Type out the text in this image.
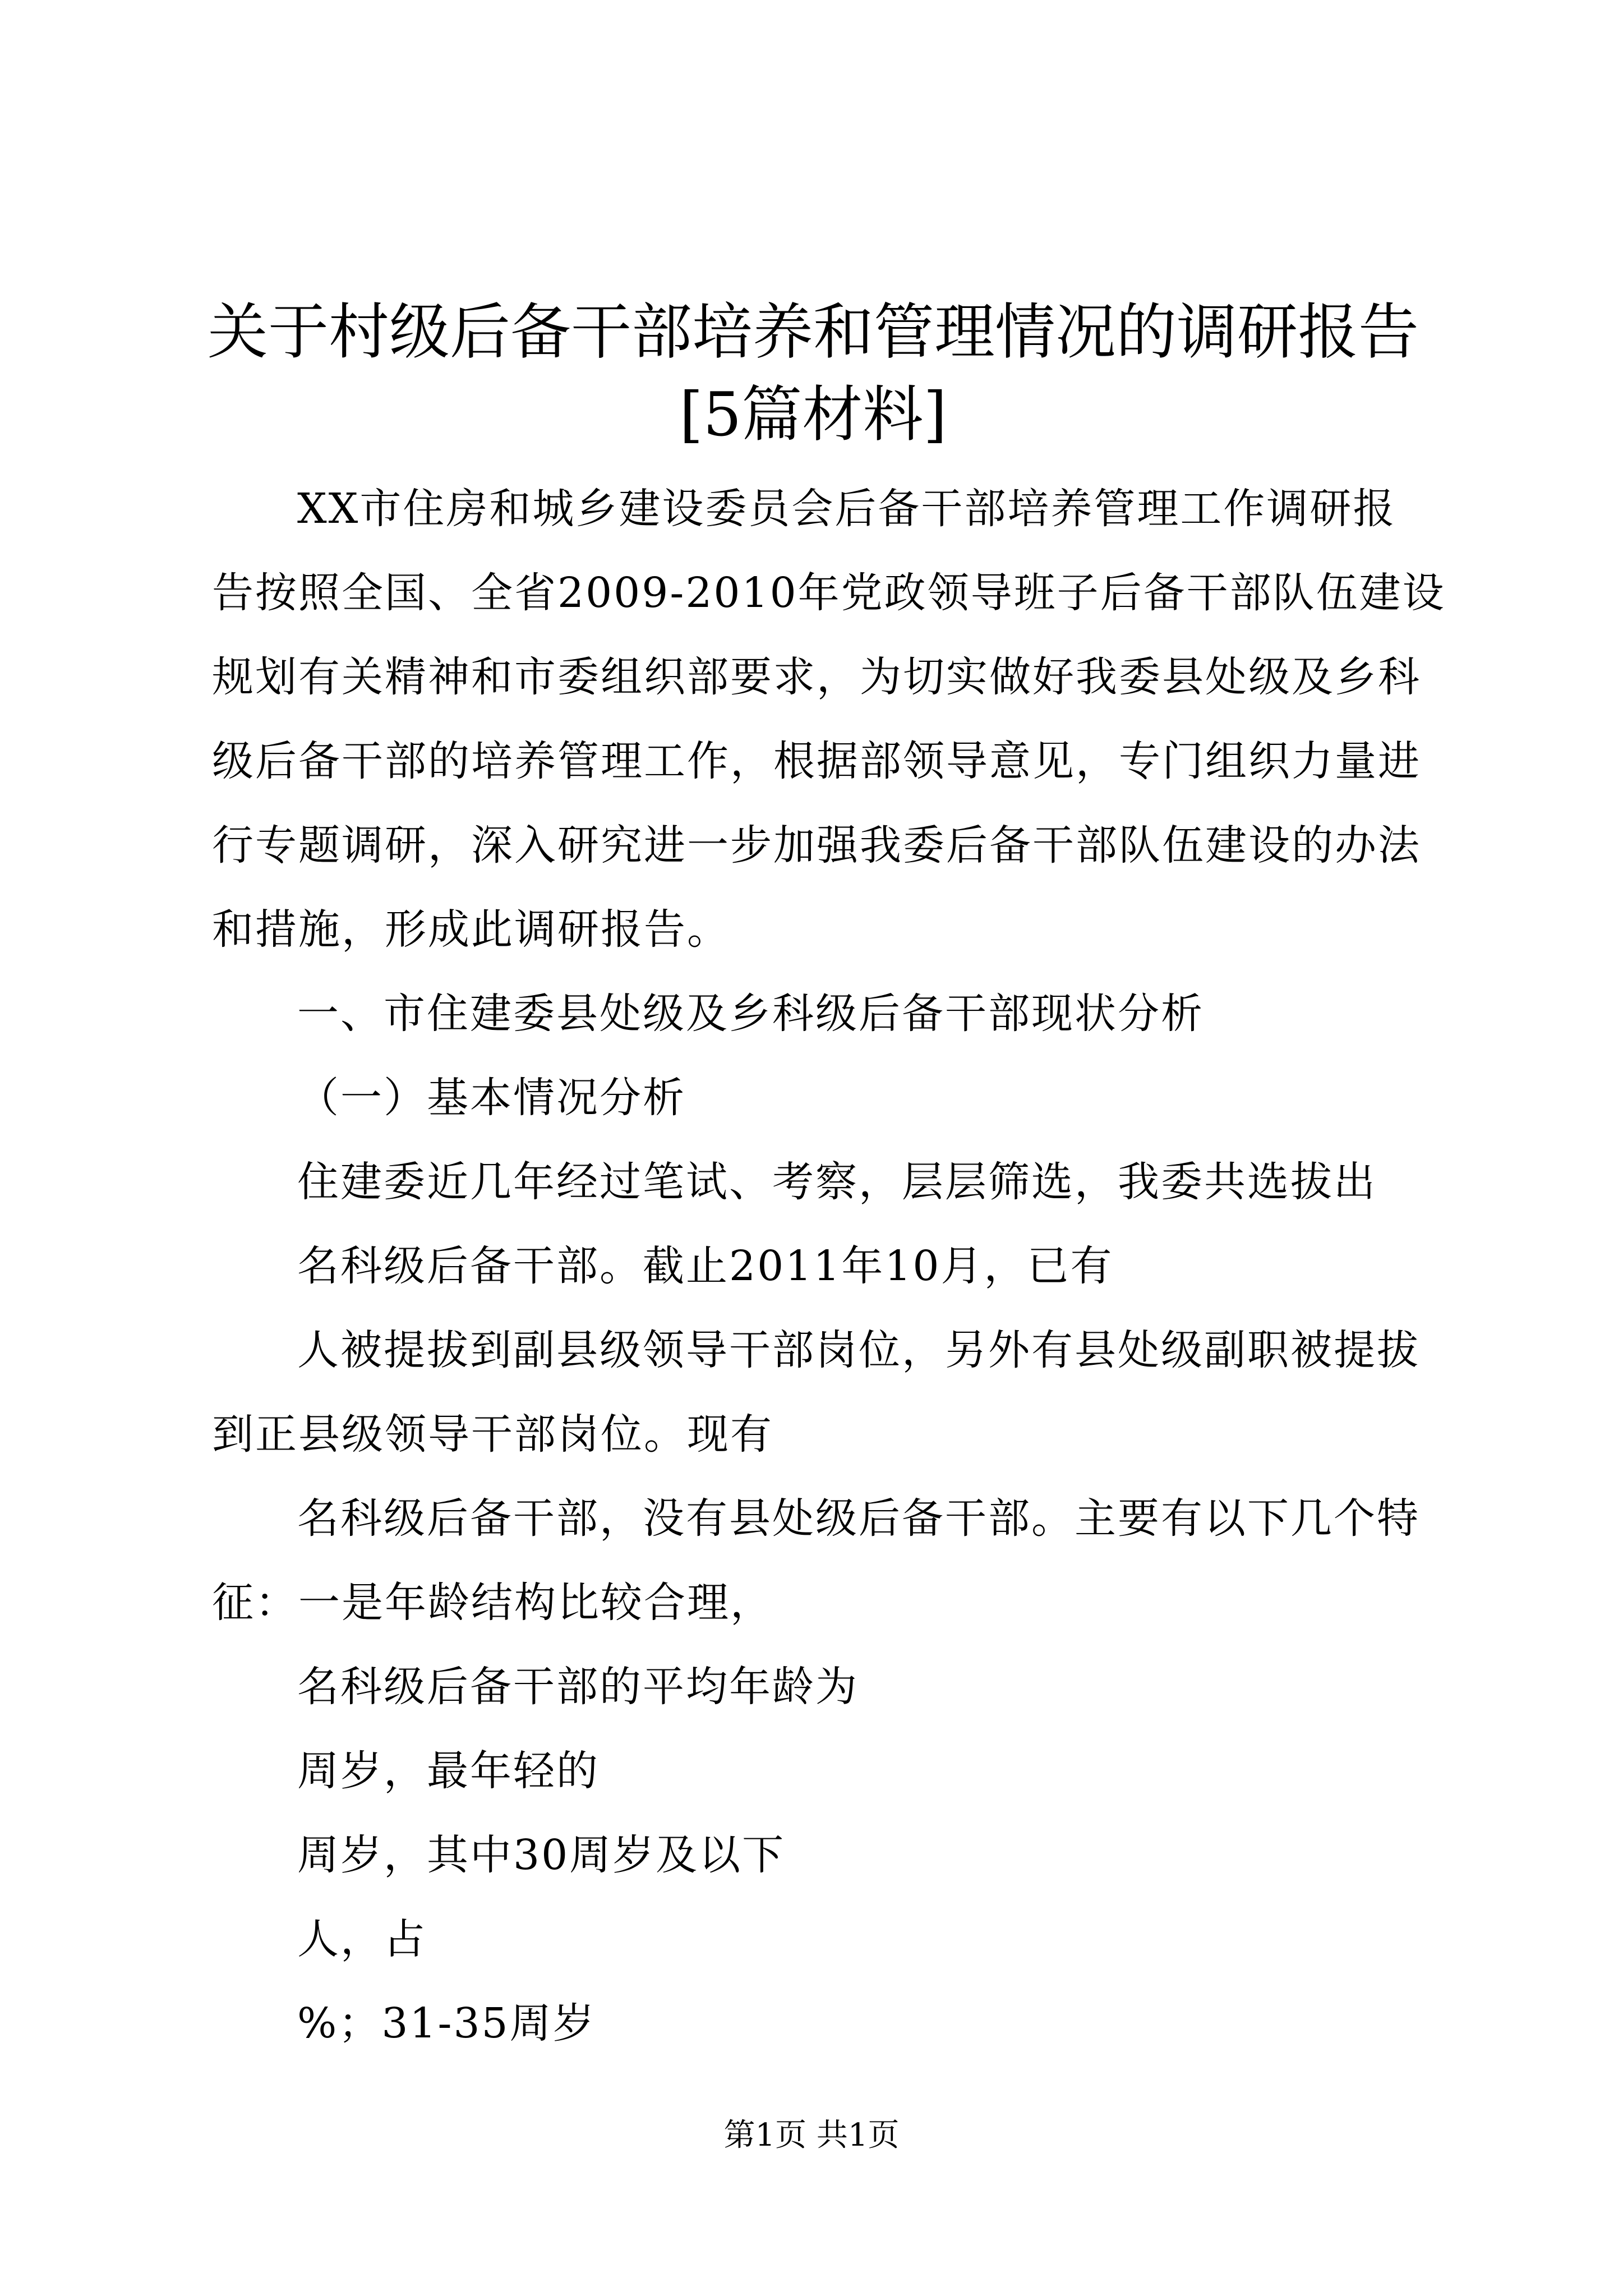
关于村级后备干部培养和管理情况的调研报告
[5篇材料]
XX市住房和城乡建设委员会后备干部培养管理工作调研报
告按照全国、全省2009-2010年党政领导班子后备干部队伍建设
规划有关精神和市委组织部要求，为切实做好我委县处级及乡科
级后备干部的培养管理工作，根据部领导意见，专门组织力量进
行专题调研，深入研究进一步加强我委后备干部队伍建设的办法
和措施，形成此调研报告。
一、市住建委县处级及乡科级后备干部现状分析
（一）基本情况分析
住建委近几年经过笔试、考察，层层筛选，我委共选拔出
名科级后备干部。截止2011年10月，已有
人被提拔到副县级领导干部岗位，另外有县处级副职被提拔
到正县级领导干部岗位。现有
名科级后备干部，没有县处级后备干部。主要有以下几个特
征：一是年龄结构比较合理，
名科级后备干部的平均年龄为
周岁，最年轻的
周岁，其中30周岁及以下
人，占
%；31-35周岁
第1页 共1页
